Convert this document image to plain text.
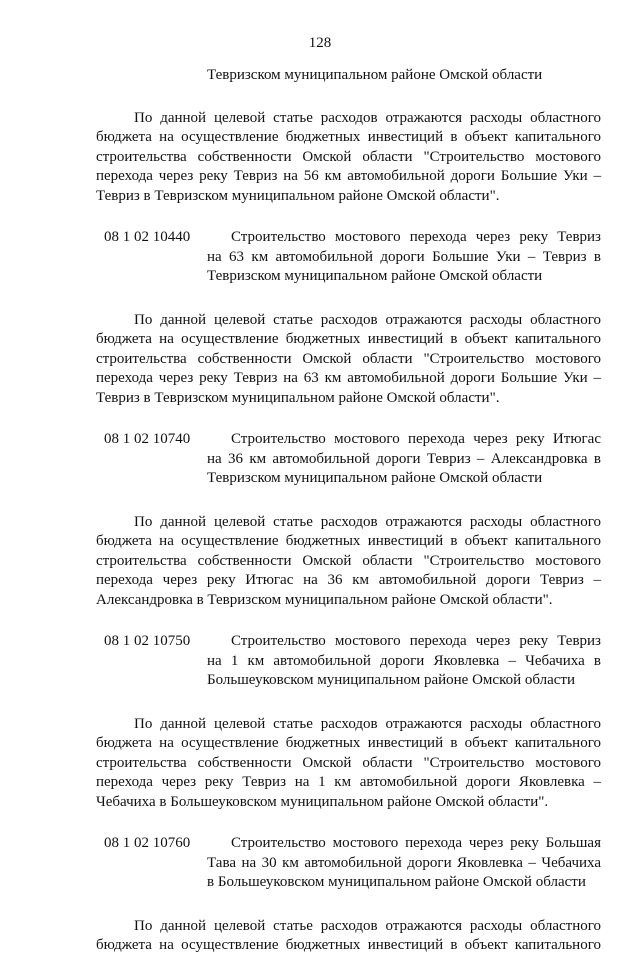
128
Тевризском муниципальном районе Омской области
По данной целевой статье расходов отражаются расходы областного
бюджета на осуществление бюджетных инвестиций в объект капитального
строительства собственности Омской области "Строительство мостового
перехода через реку Тевриз на 56 км автомобильной дороги Большие Уки –
Тевриз в Тевризском муниципальном районе Омской области".
08 1 02 10440	Строительство мостового перехода через реку Тевриз
на 63 км автомобильной дороги Большие Уки – Тевриз в
Тевризском муниципальном районе Омской области
По данной целевой статье расходов отражаются расходы областного
бюджета на осуществление бюджетных инвестиций в объект капитального
строительства собственности Омской области "Строительство мостового
перехода через реку Тевриз на 63 км автомобильной дороги Большие Уки –
Тевриз в Тевризском муниципальном районе Омской области".
08 1 02 10740	Строительство мостового перехода через реку Итюгас
на 36 км автомобильной дороги Тевриз – Александровка в
Тевризском муниципальном районе Омской области
По данной целевой статье расходов отражаются расходы областного
бюджета на осуществление бюджетных инвестиций в объект капитального
строительства собственности Омской области "Строительство мостового
перехода через реку Итюгас на 36 км автомобильной дороги Тевриз –
Александровка в Тевризском муниципальном районе Омской области".
08 1 02 10750	Строительство мостового перехода через реку Тевриз
на 1 км автомобильной дороги Яковлевка – Чебачиха в
Большеуковском муниципальном районе Омской области
По данной целевой статье расходов отражаются расходы областного
бюджета на осуществление бюджетных инвестиций в объект капитального
строительства собственности Омской области "Строительство мостового
перехода через реку Тевриз на 1 км автомобильной дороги Яковлевка –
Чебачиха в Большеуковском муниципальном районе Омской области".
08 1 02 10760	Строительство мостового перехода через реку Большая
Тава на 30 км автомобильной дороги Яковлевка – Чебачиха
в Большеуковском муниципальном районе Омской области
По данной целевой статье расходов отражаются расходы областного
бюджета на осуществление бюджетных инвестиций в объект капитального
